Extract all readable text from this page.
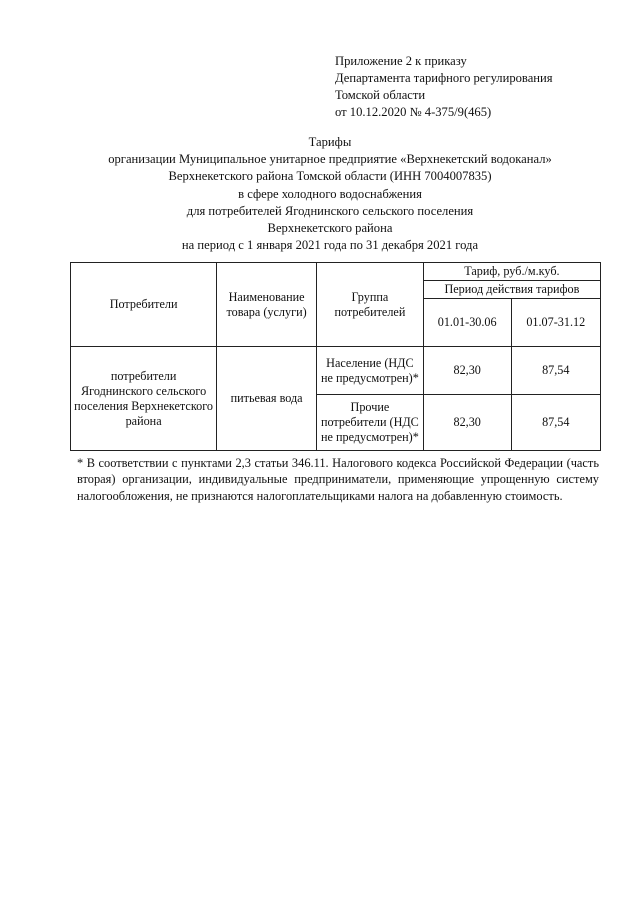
Приложение 2 к приказу
Департамента тарифного регулирования
Томской области
от 10.12.2020 № 4-375/9(465)
Тарифы
организации Муниципальное унитарное предприятие «Верхнекетский водоканал»
Верхнекетского района Томской области (ИНН 7004007835)
в сфере холодного водоснабжения
для потребителей Ягоднинского сельского поселения
Верхнекетского района
на период с 1 января 2021 года по 31 декабря 2021 года
Потребители	Наименование товара (услуги)	Группа потребителей	Тариф, руб./м.куб.	
			Период действия тарифов	
			01.01-30.06	01.07-31.12
потребители Ягоднинского сельского поселения Верхнекетского района	питьевая вода	Население (НДС не предусмотрен)*	82,30	87,54
		Прочие потребители (НДС не предусмотрен)*	82,30	87,54
* В соответствии с пунктами 2,3 статьи 346.11. Налогового кодекса Российской Федерации (часть вторая) организации, индивидуальные предприниматели, применяющие упрощенную систему налогообложения, не признаются налогоплательщиками налога на добавленную стоимость.
